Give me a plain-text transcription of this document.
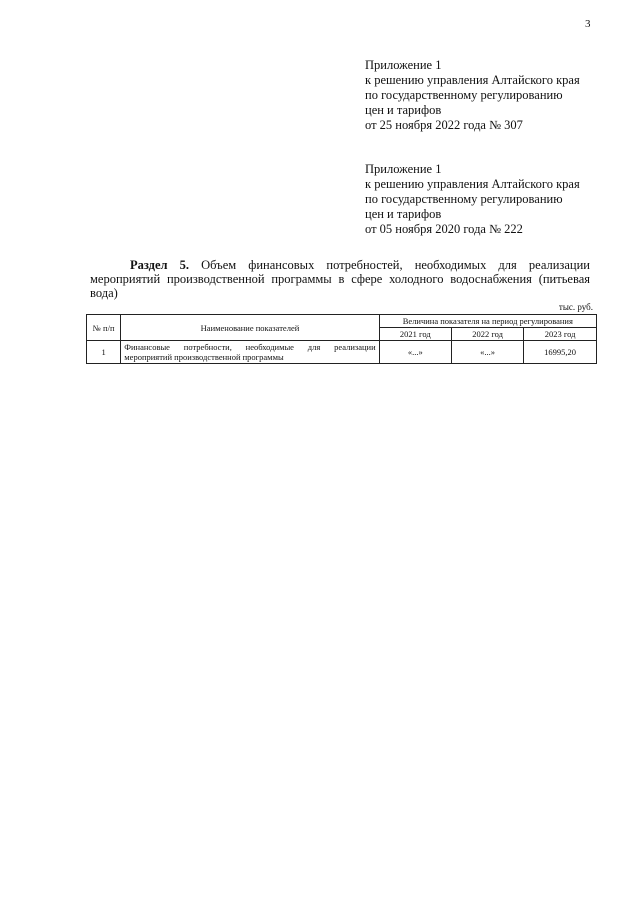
3
Приложение 1
к решению управления Алтайского края
по государственному регулированию
цен и тарифов
от 25 ноября 2022 года № 307
Приложение 1
к решению управления Алтайского края
по государственному регулированию
цен и тарифов
от 05 ноября 2020 года № 222
Раздел 5. Объем финансовых потребностей, необходимых для реализации мероприятий производственной программы в сфере холодного водоснабжения (питьевая вода)
тыс. руб.
№ п/п	Наименование показателей	Величина показателя на период регулирования		
		2021 год	2022 год	2023 год
1	Финансовые потребности, необходимые для реализации мероприятий производственной программы	«...»	«...»	16995,20
